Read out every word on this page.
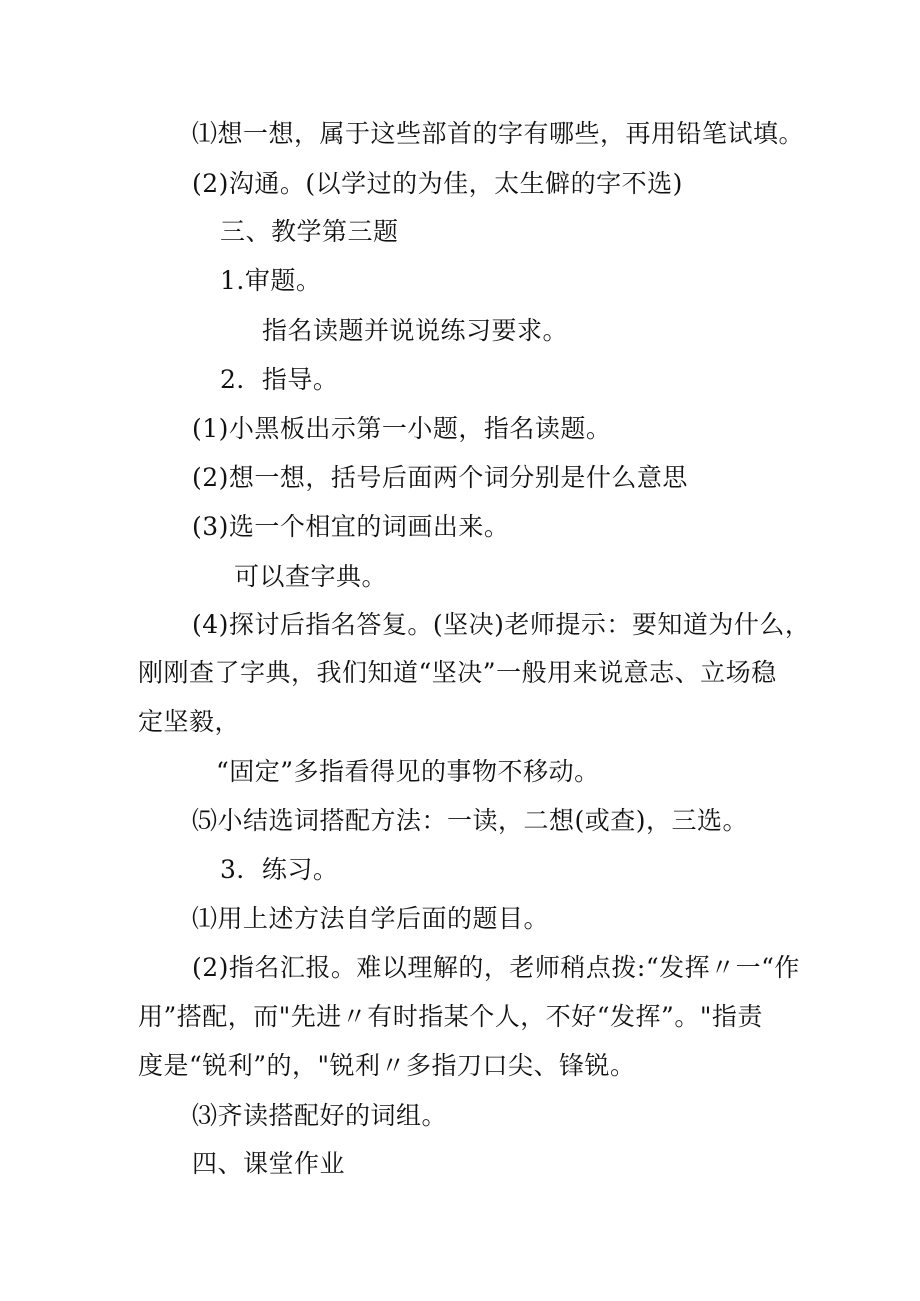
⑴想一想，属于这些部首的字有哪些，再用铅笔试填。
(2)沟通。(以学过的为佳，太生僻的字不选)
三、教学第三题
1.审题。
指名读题并说说练习要求。
2．指导。
(1)小黑板出示第一小题，指名读题。
(2)想一想，括号后面两个词分别是什么意思
(3)选一个相宜的词画出来。
可以查字典。
(4)探讨后指名答复。(坚决)老师提示：要知道为什么，
刚刚查了字典，我们知道“坚决”一般用来说意志、立场稳
定坚毅，
“固定”多指看得见的事物不移动。
⑸小结选词搭配方法：一读，二想(或查)，三选。
3．练习。
⑴用上述方法自学后面的题目。
(2)指名汇报。难以理解的，老师稍点拨:“发挥〃一“作
用”搭配，而"先进〃有时指某个人，不好“发挥”。"指责
度是“锐利”的，"锐利〃多指刀口尖、锋锐。
⑶齐读搭配好的词组。
四、课堂作业
